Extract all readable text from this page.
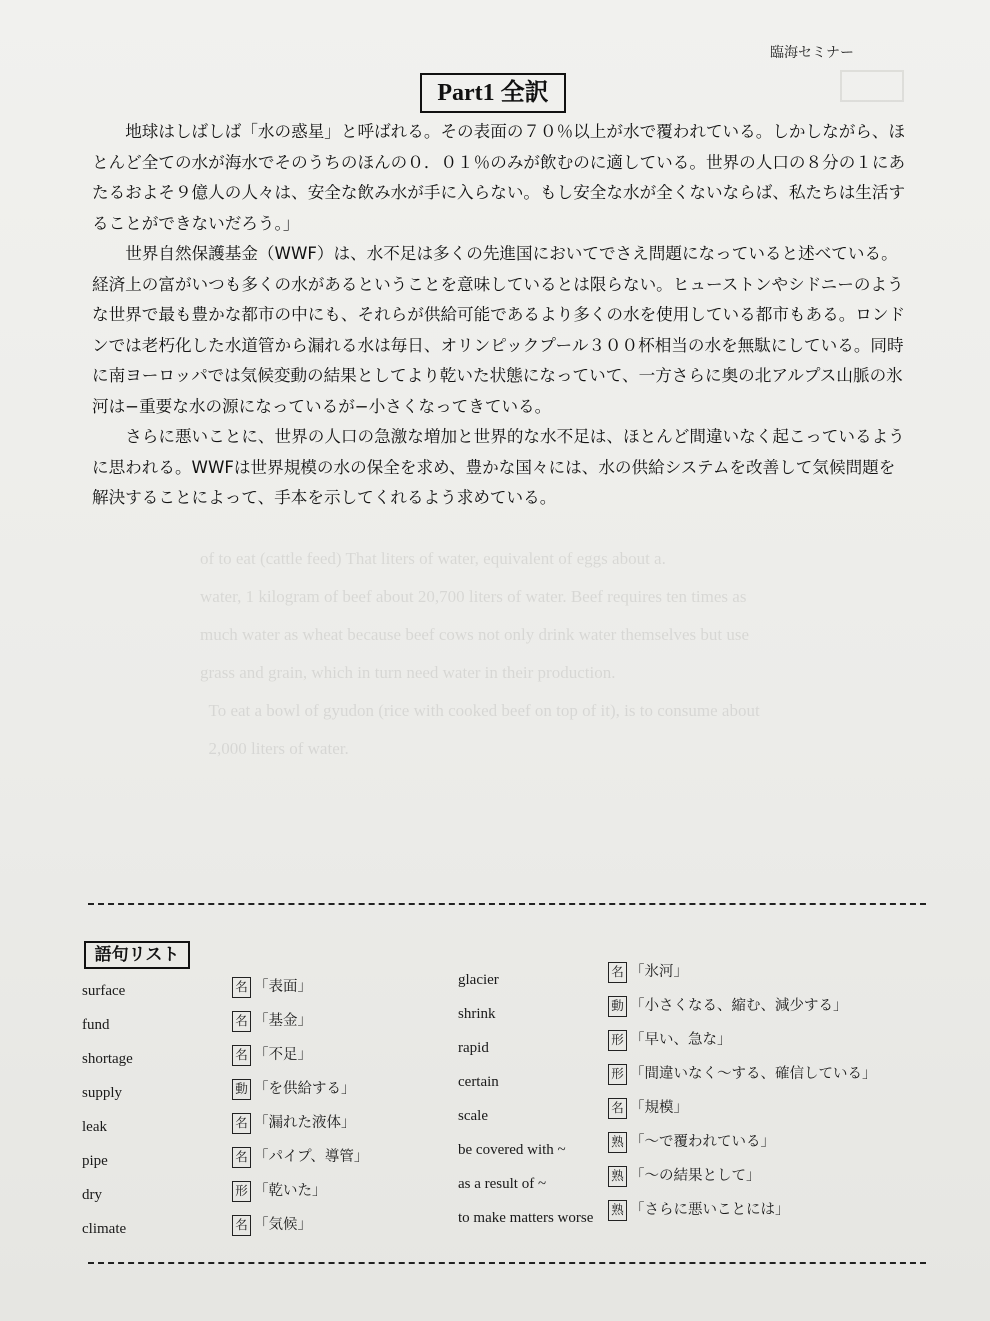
of to eat (cattle feed) That liters of water, equivalent of eggs about a.

water, 1 kilogram of beef about 20,700 liters of water. Beef requires ten times as

much water as wheat because beef cows not only drink water themselves but use

grass and grain, which in turn need water in their production.

To eat a bowl of gyudon (rice with cooked beef on top of it), is to consume about

2,000 liters of water.

臨海セミナー
Part1 全訳

地球はしばしば「水の惑星」と呼ばれる。その表面の７０％以上が水で覆われている。しかしながら、ほとんど全ての水が海水でそのうちのほんの０．０１％のみが飲むのに適している。世界の人口の８分の１にあたるおよそ９億人の人々は、安全な飲み水が手に入らない。もし安全な水が全くないならば、私たちは生活することができないだろう。」

世界自然保護基金（WWF）は、水不足は多くの先進国においてでさえ問題になっていると述べている。経済上の富がいつも多くの水があるということを意味しているとは限らない。ヒューストンやシドニーのような世界で最も豊かな都市の中にも、それらが供給可能であるより多くの水を使用している都市もある。ロンドンでは老朽化した水道管から漏れる水は毎日、オリンピックプール３００杯相当の水を無駄にしている。同時に南ヨーロッパでは気候変動の結果としてより乾いた状態になっていて、一方さらに奥の北アルプス山脈の氷河は−重要な水の源になっているが−小さくなってきている。

さらに悪いことに、世界の人口の急激な増加と世界的な水不足は、ほとんど間違いなく起こっているように思われる。WWFは世界規模の水の保全を求め、豊かな国々には、水の供給システムを改善して気候問題を解決することによって、手本を示してくれるよう求めている。

語句リスト
surface
fund
shortage
supply
leak
pipe
dry
climate
名 「表面」
名 「基金」
名 「不足」
動 「を供給する」
名 「漏れた液体」
名 「パイプ、導管」
形 「乾いた」
名 「気候」
glacier
shrink
rapid
certain
scale
be covered with ~
as a result of ~
to make matters worse
名 「氷河」
動 「小さくなる、縮む、減少する」
形 「早い、急な」
形 「間違いなく〜する、確信している」
名 「規模」
熟 「〜で覆われている」
熟 「〜の結果として」
熟 「さらに悪いことには」
